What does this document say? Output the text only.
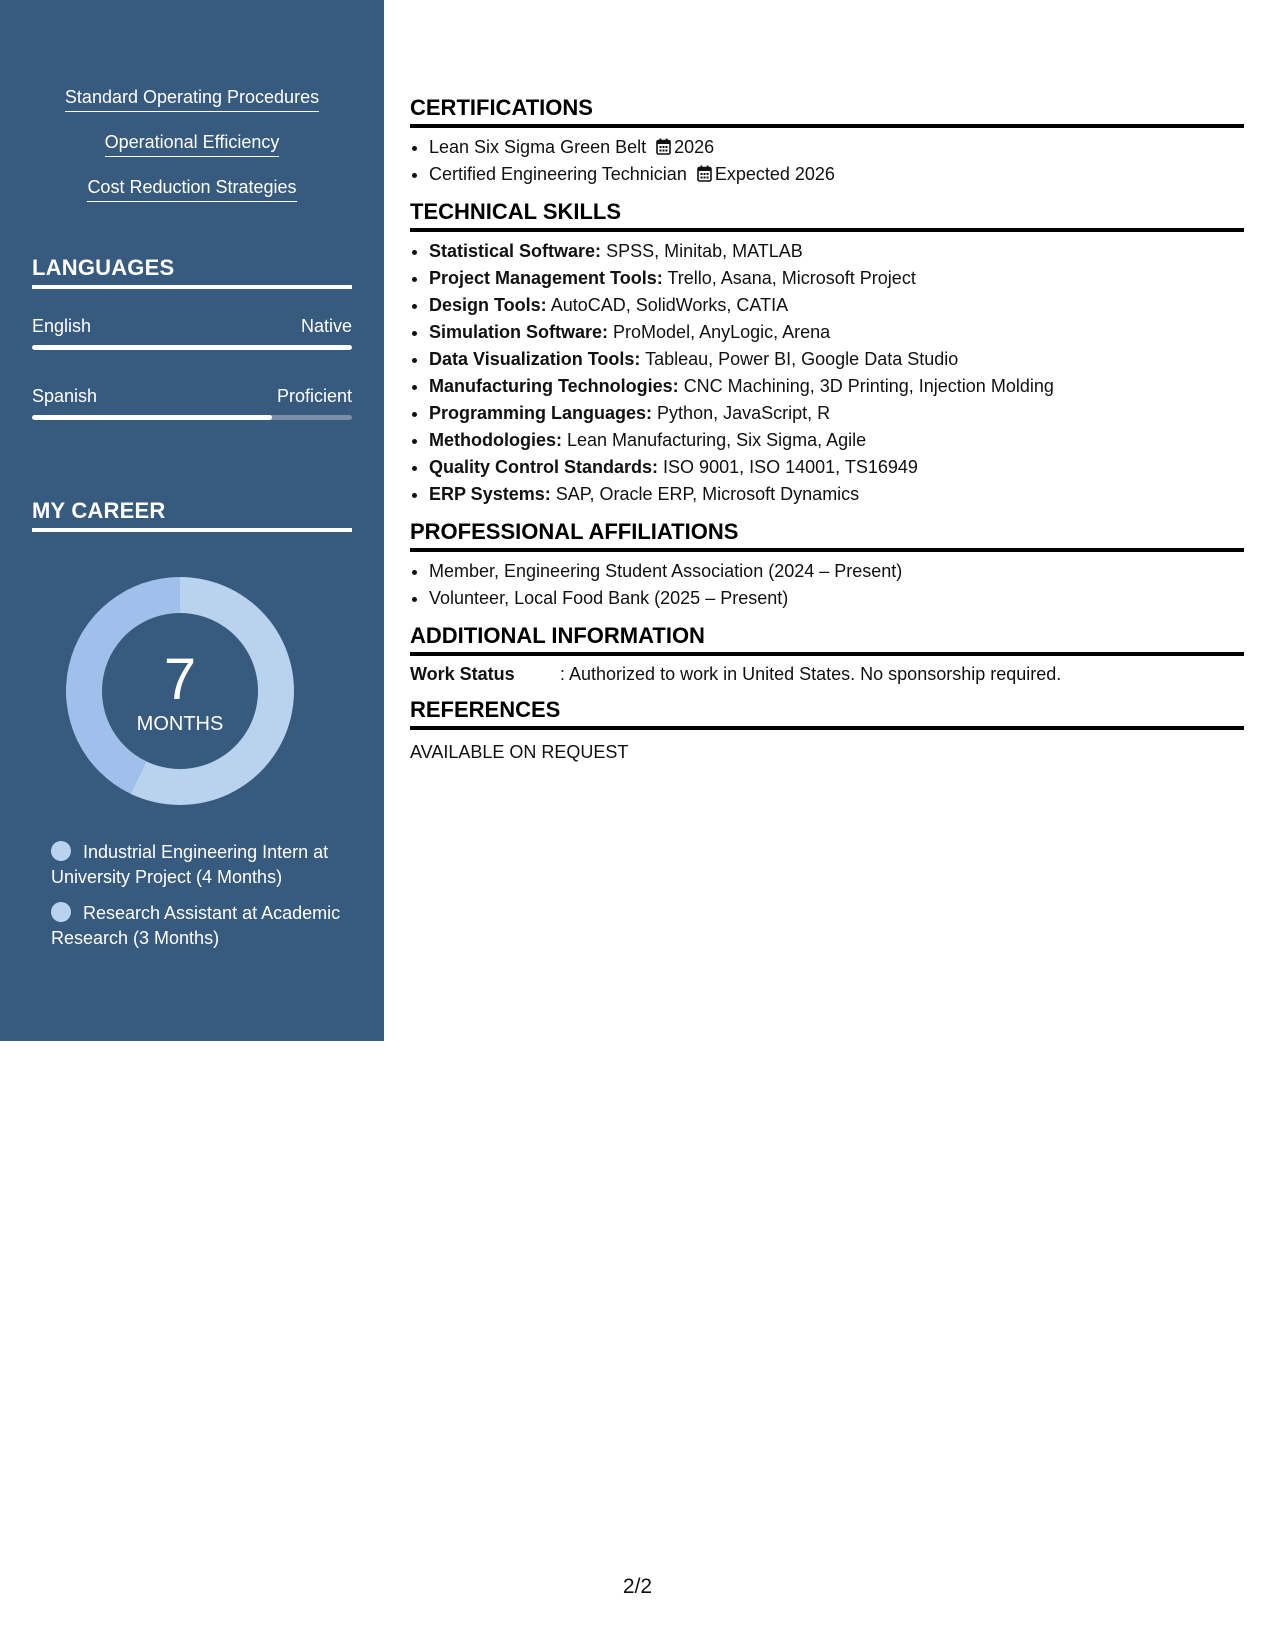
Standard Operating Procedures
Operational Efficiency
Cost Reduction Strategies
LANGUAGES
English	Native
Spanish	Proficient
MY CAREER
7
MONTHS
Industrial Engineering Intern at University Project (4 Months)
Research Assistant at Academic Research (3 Months)
CERTIFICATIONS
• Lean Six Sigma Green Belt 2026
• Certified Engineering Technician Expected 2026
TECHNICAL SKILLS
• Statistical Software: SPSS, Minitab, MATLAB
• Project Management Tools: Trello, Asana, Microsoft Project
• Design Tools: AutoCAD, SolidWorks, CATIA
• Simulation Software: ProModel, AnyLogic, Arena
• Data Visualization Tools: Tableau, Power BI, Google Data Studio
• Manufacturing Technologies: CNC Machining, 3D Printing, Injection Molding
• Programming Languages: Python, JavaScript, R
• Methodologies: Lean Manufacturing, Six Sigma, Agile
• Quality Control Standards: ISO 9001, ISO 14001, TS16949
• ERP Systems: SAP, Oracle ERP, Microsoft Dynamics
PROFESSIONAL AFFILIATIONS
• Member, Engineering Student Association (2024 – Present)
• Volunteer, Local Food Bank (2025 – Present)
ADDITIONAL INFORMATION
Work Status	: Authorized to work in United States. No sponsorship required.
REFERENCES
AVAILABLE ON REQUEST
2/2
